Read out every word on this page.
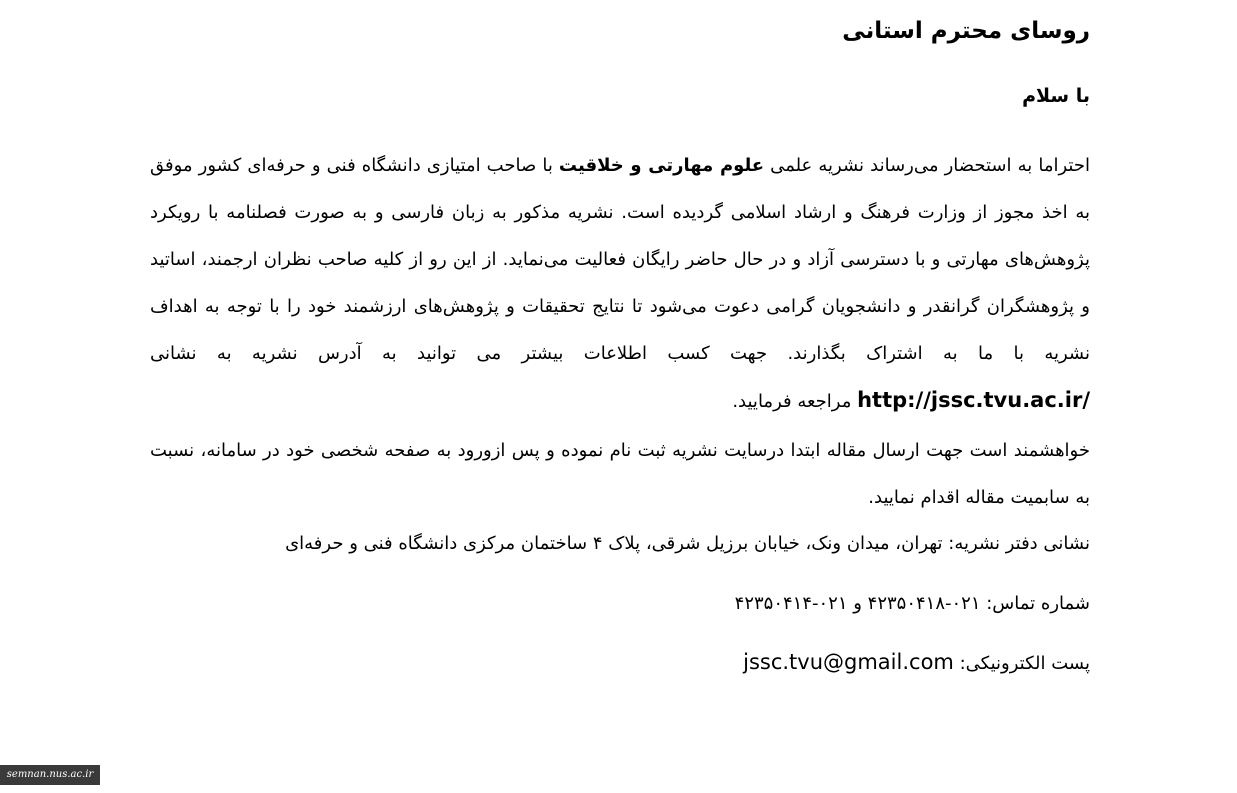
روسای محترم استانی
با سلام

احتراما به استحضار می‌رساند نشریه علمی علوم مهارتی و خلاقیت با صاحب امتیازی دانشگاه فنی و حرفه‌ای کشور موفق به اخذ مجوز از وزارت فرهنگ و ارشاد اسلامی گردیده است. نشریه مذکور به زبان فارسی و به صورت فصلنامه با رویکرد پژوهش‌های مهارتی و با دسترسی آزاد و در حال حاضر رایگان فعالیت می‌نماید. از این رو از کلیه صاحب نظران ارجمند، اساتید و پژوهشگران گرانقدر و دانشجویان گرامی دعوت می‌شود تا نتایج تحقیقات و پژوهش‌های ارزشمند خود را با توجه به اهداف نشریه با ما به اشتراک بگذارند. جهت کسب اطلاعات بیشتر می توانید به آدرس نشریه به نشانی http://jssc.tvu.ac.ir/ مراجعه فرمایید.

خواهشمند است جهت ارسال مقاله ابتدا درسایت نشریه ثبت نام نموده و پس ازورود به صفحه شخصی خود در سامانه، نسبت به سابمیت مقاله اقدام نمایید.

نشانی دفتر نشریه: تهران، میدان ونک، خیابان برزیل شرقی، پلاک ۴ ساختمان مرکزی دانشگاه فنی و حرفه‌ای

شماره تماس: ۰۲۱-۴۲۳۵۰۴۱۸ و ۰۲۱-۴۲۳۵۰۴۱۴

پست الکترونیکی: jssc.tvu@gmail.com

semnan.nus.ac.ir
